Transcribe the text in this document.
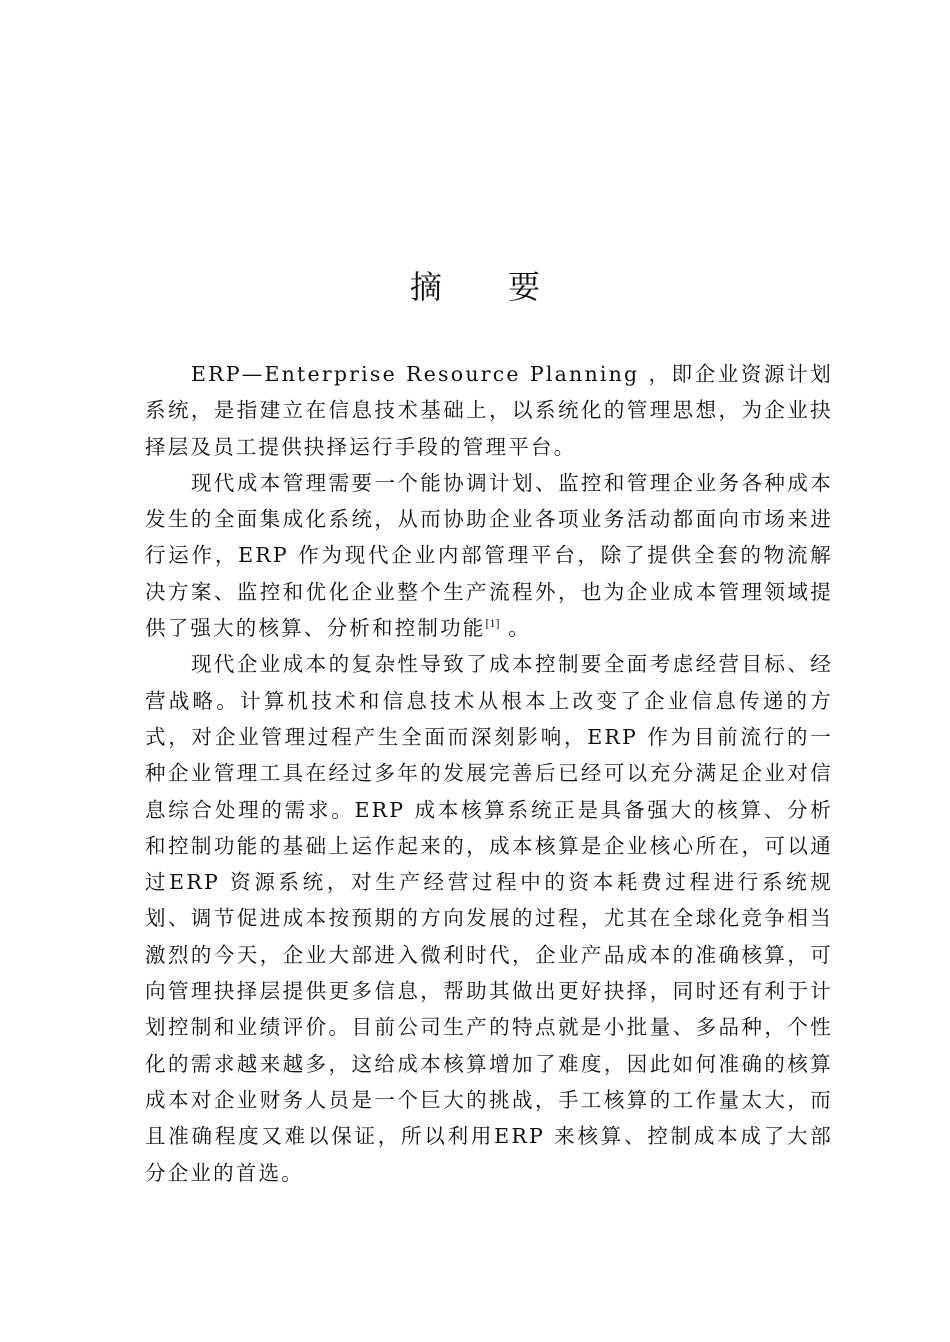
摘 要

ERP—Enterprise Resource Planning ，即企业资源计划系统，是指建立在信息技术基础上，以系统化的管理思想，为企业抉择层及员工提供抉择运行手段的管理平台。

现代成本管理需要一个能协调计划、监控和管理企业务各种成本发生的全面集成化系统，从而协助企业各项业务活动都面向市场来进行运作，ERP 作为现代企业内部管理平台，除了提供全套的物流解决方案、监控和优化企业整个生产流程外，也为企业成本管理领域提供了强大的核算、分析和控制功能[1] 。

现代企业成本的复杂性导致了成本控制要全面考虑经营目标、经营战略。计算机技术和信息技术从根本上改变了企业信息传递的方式，对企业管理过程产生全面而深刻影响，ERP 作为目前流行的一种企业管理工具在经过多年的发展完善后已经可以充分满足企业对信息综合处理的需求。ERP 成本核算系统正是具备强大的核算、分析和控制功能的基础上运作起来的，成本核算是企业核心所在，可以通过ERP 资源系统，对生产经营过程中的资本耗费过程进行系统规划、调节促进成本按预期的方向发展的过程，尤其在全球化竞争相当激烈的今天，企业大部进入微利时代，企业产品成本的准确核算，可向管理抉择层提供更多信息，帮助其做出更好抉择，同时还有利于计划控制和业绩评价。目前公司生产的特点就是小批量、多品种，个性化的需求越来越多，这给成本核算增加了难度，因此如何准确的核算成本对企业财务人员是一个巨大的挑战，手工核算的工作量太大，而且准确程度又难以保证，所以利用ERP 来核算、控制成本成了大部分企业的首选。
